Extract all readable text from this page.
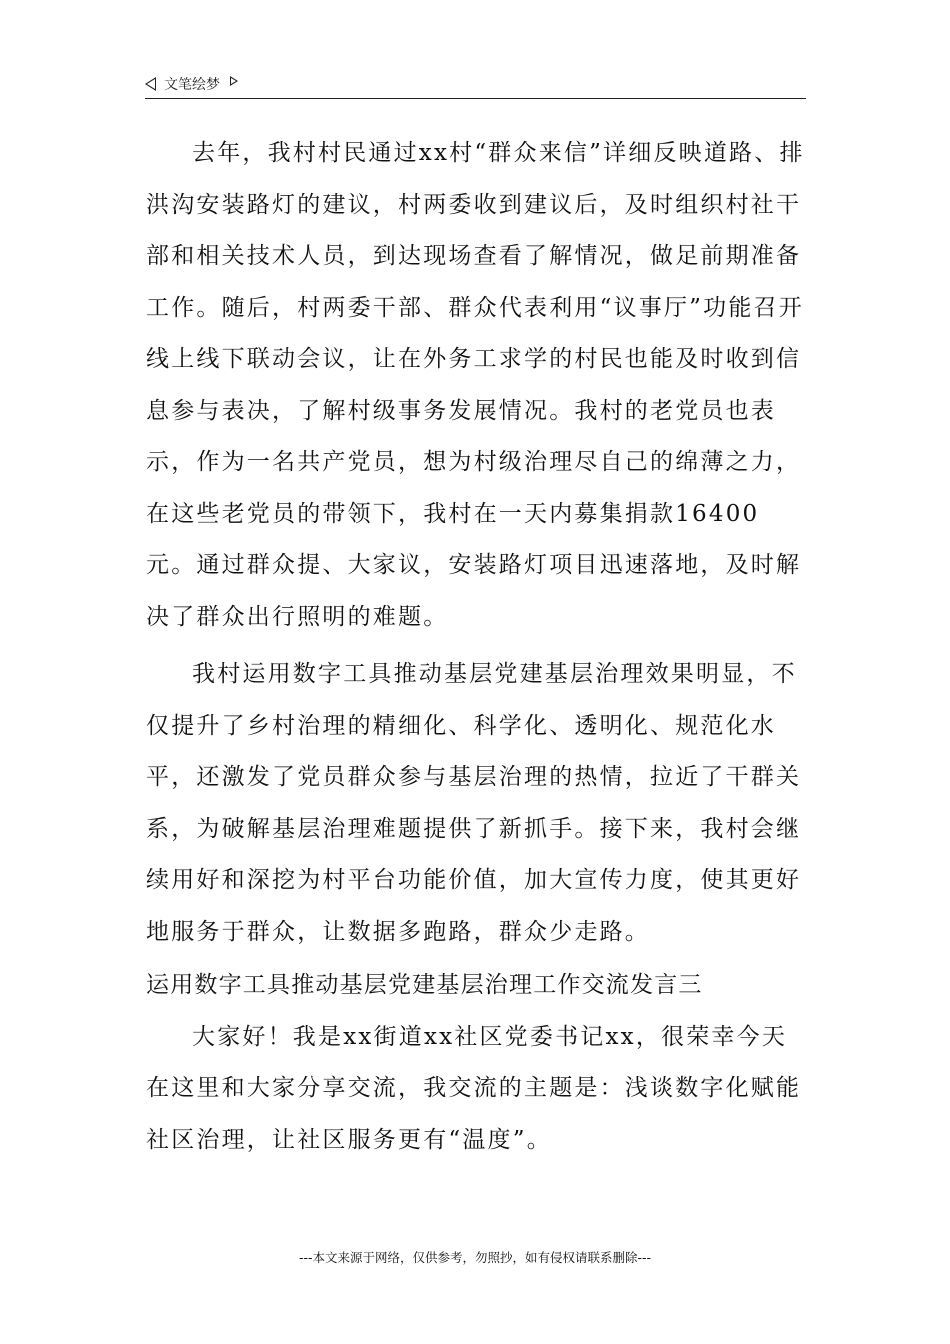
文笔绘梦

去年，我村村民通过xx村“群众来信”详细反映道路、排洪沟安装路灯的建议，村两委收到建议后，及时组织村社干部和相关技术人员，到达现场查看了解情况，做足前期准备工作。随后，村两委干部、群众代表利用“议事厅”功能召开线上线下联动会议，让在外务工求学的村民也能及时收到信息参与表决，了解村级事务发展情况。我村的老党员也表示，作为一名共产党员，想为村级治理尽自己的绵薄之力，在这些老党员的带领下，我村在一天内募集捐款16400元。通过群众提、大家议，安装路灯项目迅速落地，及时解决了群众出行照明的难题。

我村运用数字工具推动基层党建基层治理效果明显，不仅提升了乡村治理的精细化、科学化、透明化、规范化水平，还激发了党员群众参与基层治理的热情，拉近了干群关系，为破解基层治理难题提供了新抓手。接下来，我村会继续用好和深挖为村平台功能价值，加大宣传力度，使其更好地服务于群众，让数据多跑路，群众少走路。

运用数字工具推动基层党建基层治理工作交流发言三

大家好！我是xx街道xx社区党委书记xx，很荣幸今天在这里和大家分享交流，我交流的主题是：浅谈数字化赋能社区治理，让社区服务更有“温度”。

---本文来源于网络，仅供参考，勿照抄，如有侵权请联系删除---
